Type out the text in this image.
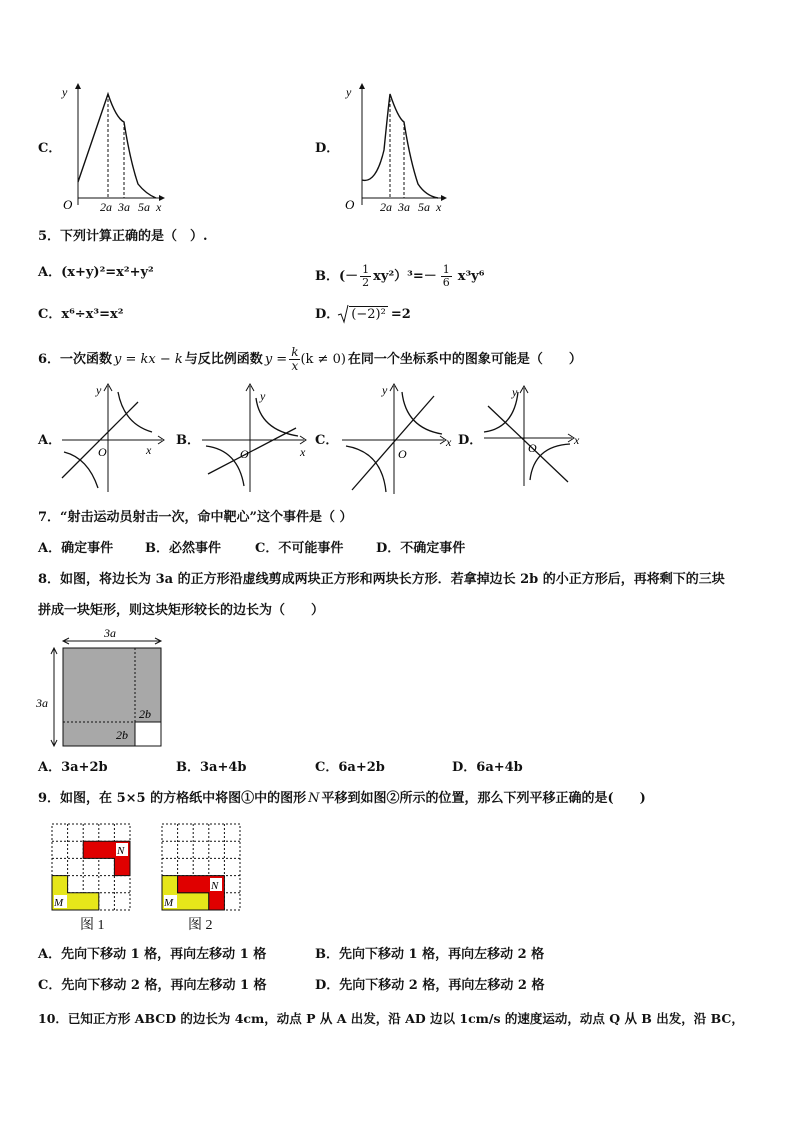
C．
y
O 2a 3a 5a x
D．
y
O 2a 3a 5a x
5．下列计算正确的是（　）.
A．(x+y)²=x²+y²	B．(－ $\frac{1}{2} xy^2)^3=- \frac{1}{6} x^3y^6$
C．x⁶÷x³=x²	D． (−2)² =2
6．一次函数 y = kx − k 与反比例函数 $y = \frac{k}{x} (k \ne 0)$ 在同一个坐标系中的图象可能是（　　）
A．
y
O	x
B．
y
O	x
C．
y
O
x D．
y
O
x
7．“射击运动员射击一次，命中靶心”这个事件是（ ）
A．确定事件 B．必然事件	C．不可能事件	D．不确定事件
8．如图，将边长为 3a 的正方形沿虚线剪成两块正方形和两块长方形．若拿掉边长 2b 的小正方形后，再将剩下的三块
拼成一块矩形，则这块矩形较长的边长为（　　）
3a
3a
2b
2b
A．3a+2b	B．3a+4b	C．6a+2b	D．6a+4b
9．如图，在 5×5 的方格纸中将图①中的图形 N 平移到如图②所示的位置，那么下列平移正确的是(　　)
N
M
图 1
N
M
图 2
A．先向下移动 1 格，再向左移动 1 格	B．先向下移动 1 格，再向左移动 2 格
C．先向下移动 2 格，再向左移动 1 格	D．先向下移动 2 格，再向左移动 2 格
10．已知正方形 ABCD 的边长为 4cm，动点 P 从 A 出发，沿 AD 边以 1cm/s 的速度运动，动点 Q 从 B 出发，沿 BC，
